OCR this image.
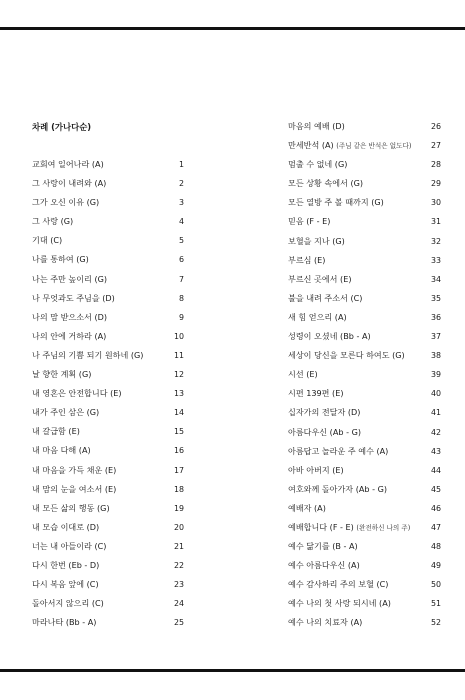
차례 (가나다순)
교회여 일어나라 (A)	1
그 사랑이 내려와 (A)	2
그가 오신 이유 (G)	3
그 사랑 (G)	4
기대 (C)	5
나를 통하여 (G)	6
나는 주만 높이리 (G)	7
나 무엇과도 주님을 (D)	8
나의 맘 받으소서 (D)	9
나의 안에 거하라 (A)	10
나 주님의 기쁨 되기 원하네 (G)	11
날 향한 계획 (G)	12
내 영혼은 안전합니다 (E)	13
내가 주인 삼은 (G)	14
내 갈급함 (E)	15
내 마음 다해 (A)	16
내 마음을 가득 채운 (E)	17
내 맘의 눈을 여소서 (E)	18
내 모든 삶의 행동 (G)	19
내 모습 이대로 (D)	20
너는 내 아들이라 (C)	21
다시 한번 (Eb - D)	22
다시 복음 앞에 (C)	23
돌아서지 않으리 (C)	24
마라나타 (Bb - A)	25
마음의 예배 (D)	26
만세반석 (A) (주님 같은 반석은 없도다) 27
멈출 수 없네 (G)	28
모든 상황 속에서 (G)	29
모든 열방 주 볼 때까지 (G)	30
믿음 (F - E)	31
보혈을 지나 (G)	32
부르심 (E)	33
부르신 곳에서 (E)	34
불을 내려 주소서 (C)	35
새 힘 얻으리 (A)	36
성령이 오셨네 (Bb - A)	37
세상이 당신을 모른다 하여도 (G)	38
시선 (E)	39
시편 139편 (E)	40
십자가의 전달자 (D)	41
아름다우신 (Ab - G)	42
아름답고 놀라운 주 예수 (A)	43
아바 아버지 (E)	44
여호와께 돌아가자 (Ab - G)	45
예배자 (A)	46
예배합니다 (F - E) (완전하신 나의 주)	47
예수 닮기를 (B - A)	48
예수 아름다우신 (A)	49
예수 감사하리 주의 보혈 (C)	50
예수 나의 첫 사랑 되시네 (A)	51
예수 나의 치료자 (A)	52
